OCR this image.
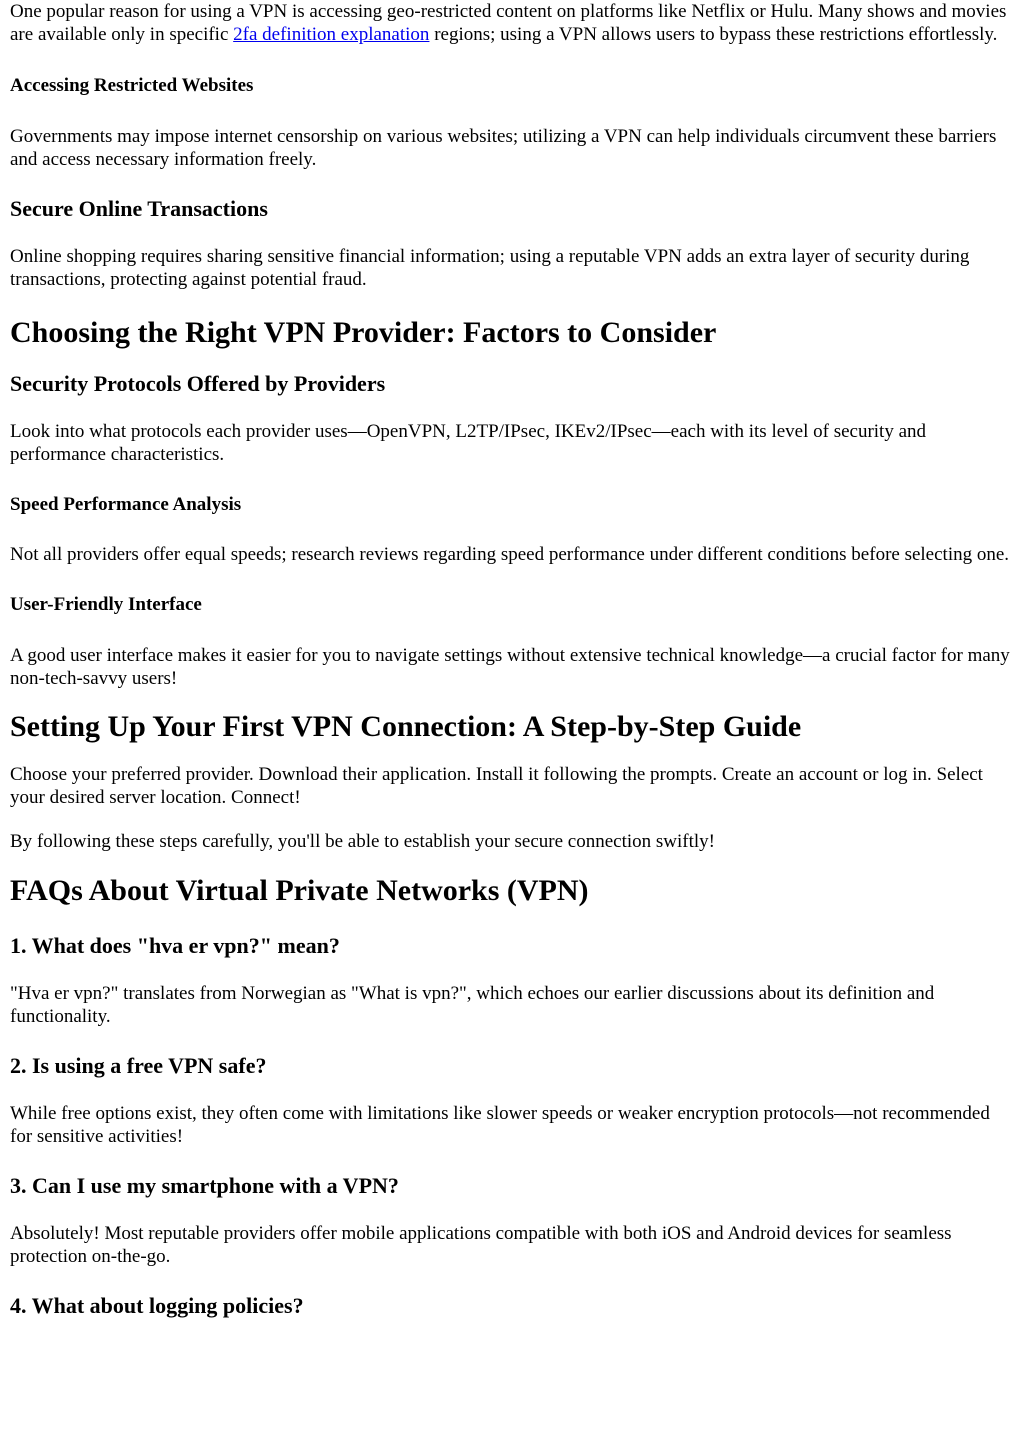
One popular reason for using a VPN is accessing geo-restricted content on platforms like Netflix or Hulu. Many shows and movies are available only in specific 2fa definition explanation regions; using a VPN allows users to bypass these restrictions effortlessly.

Accessing Restricted Websites

Governments may impose internet censorship on various websites; utilizing a VPN can help individuals circumvent these barriers and access necessary information freely.

Secure Online Transactions

Online shopping requires sharing sensitive financial information; using a reputable VPN adds an extra layer of security during transactions, protecting against potential fraud.

Choosing the Right VPN Provider: Factors to Consider
Security Protocols Offered by Providers

Look into what protocols each provider uses—OpenVPN, L2TP/IPsec, IKEv2/IPsec—each with its level of security and performance characteristics.

Speed Performance Analysis

Not all providers offer equal speeds; research reviews regarding speed performance under different conditions before selecting one.

User-Friendly Interface

A good user interface makes it easier for you to navigate settings without extensive technical knowledge—a crucial factor for many non-tech-savvy users!

Setting Up Your First VPN Connection: A Step-by-Step Guide

Choose your preferred provider. Download their application. Install it following the prompts. Create an account or log in. Select your desired server location. Connect!

By following these steps carefully, you'll be able to establish your secure connection swiftly!

FAQs About Virtual Private Networks (VPN)
1. What does "hva er vpn?" mean?

"Hva er vpn?" translates from Norwegian as "What is vpn?", which echoes our earlier discussions about its definition and functionality.

2. Is using a free VPN safe?

While free options exist, they often come with limitations like slower speeds or weaker encryption protocols—not recommended for sensitive activities!

3. Can I use my smartphone with a VPN?

Absolutely! Most reputable providers offer mobile applications compatible with both iOS and Android devices for seamless protection on-the-go.

4. What about logging policies?
